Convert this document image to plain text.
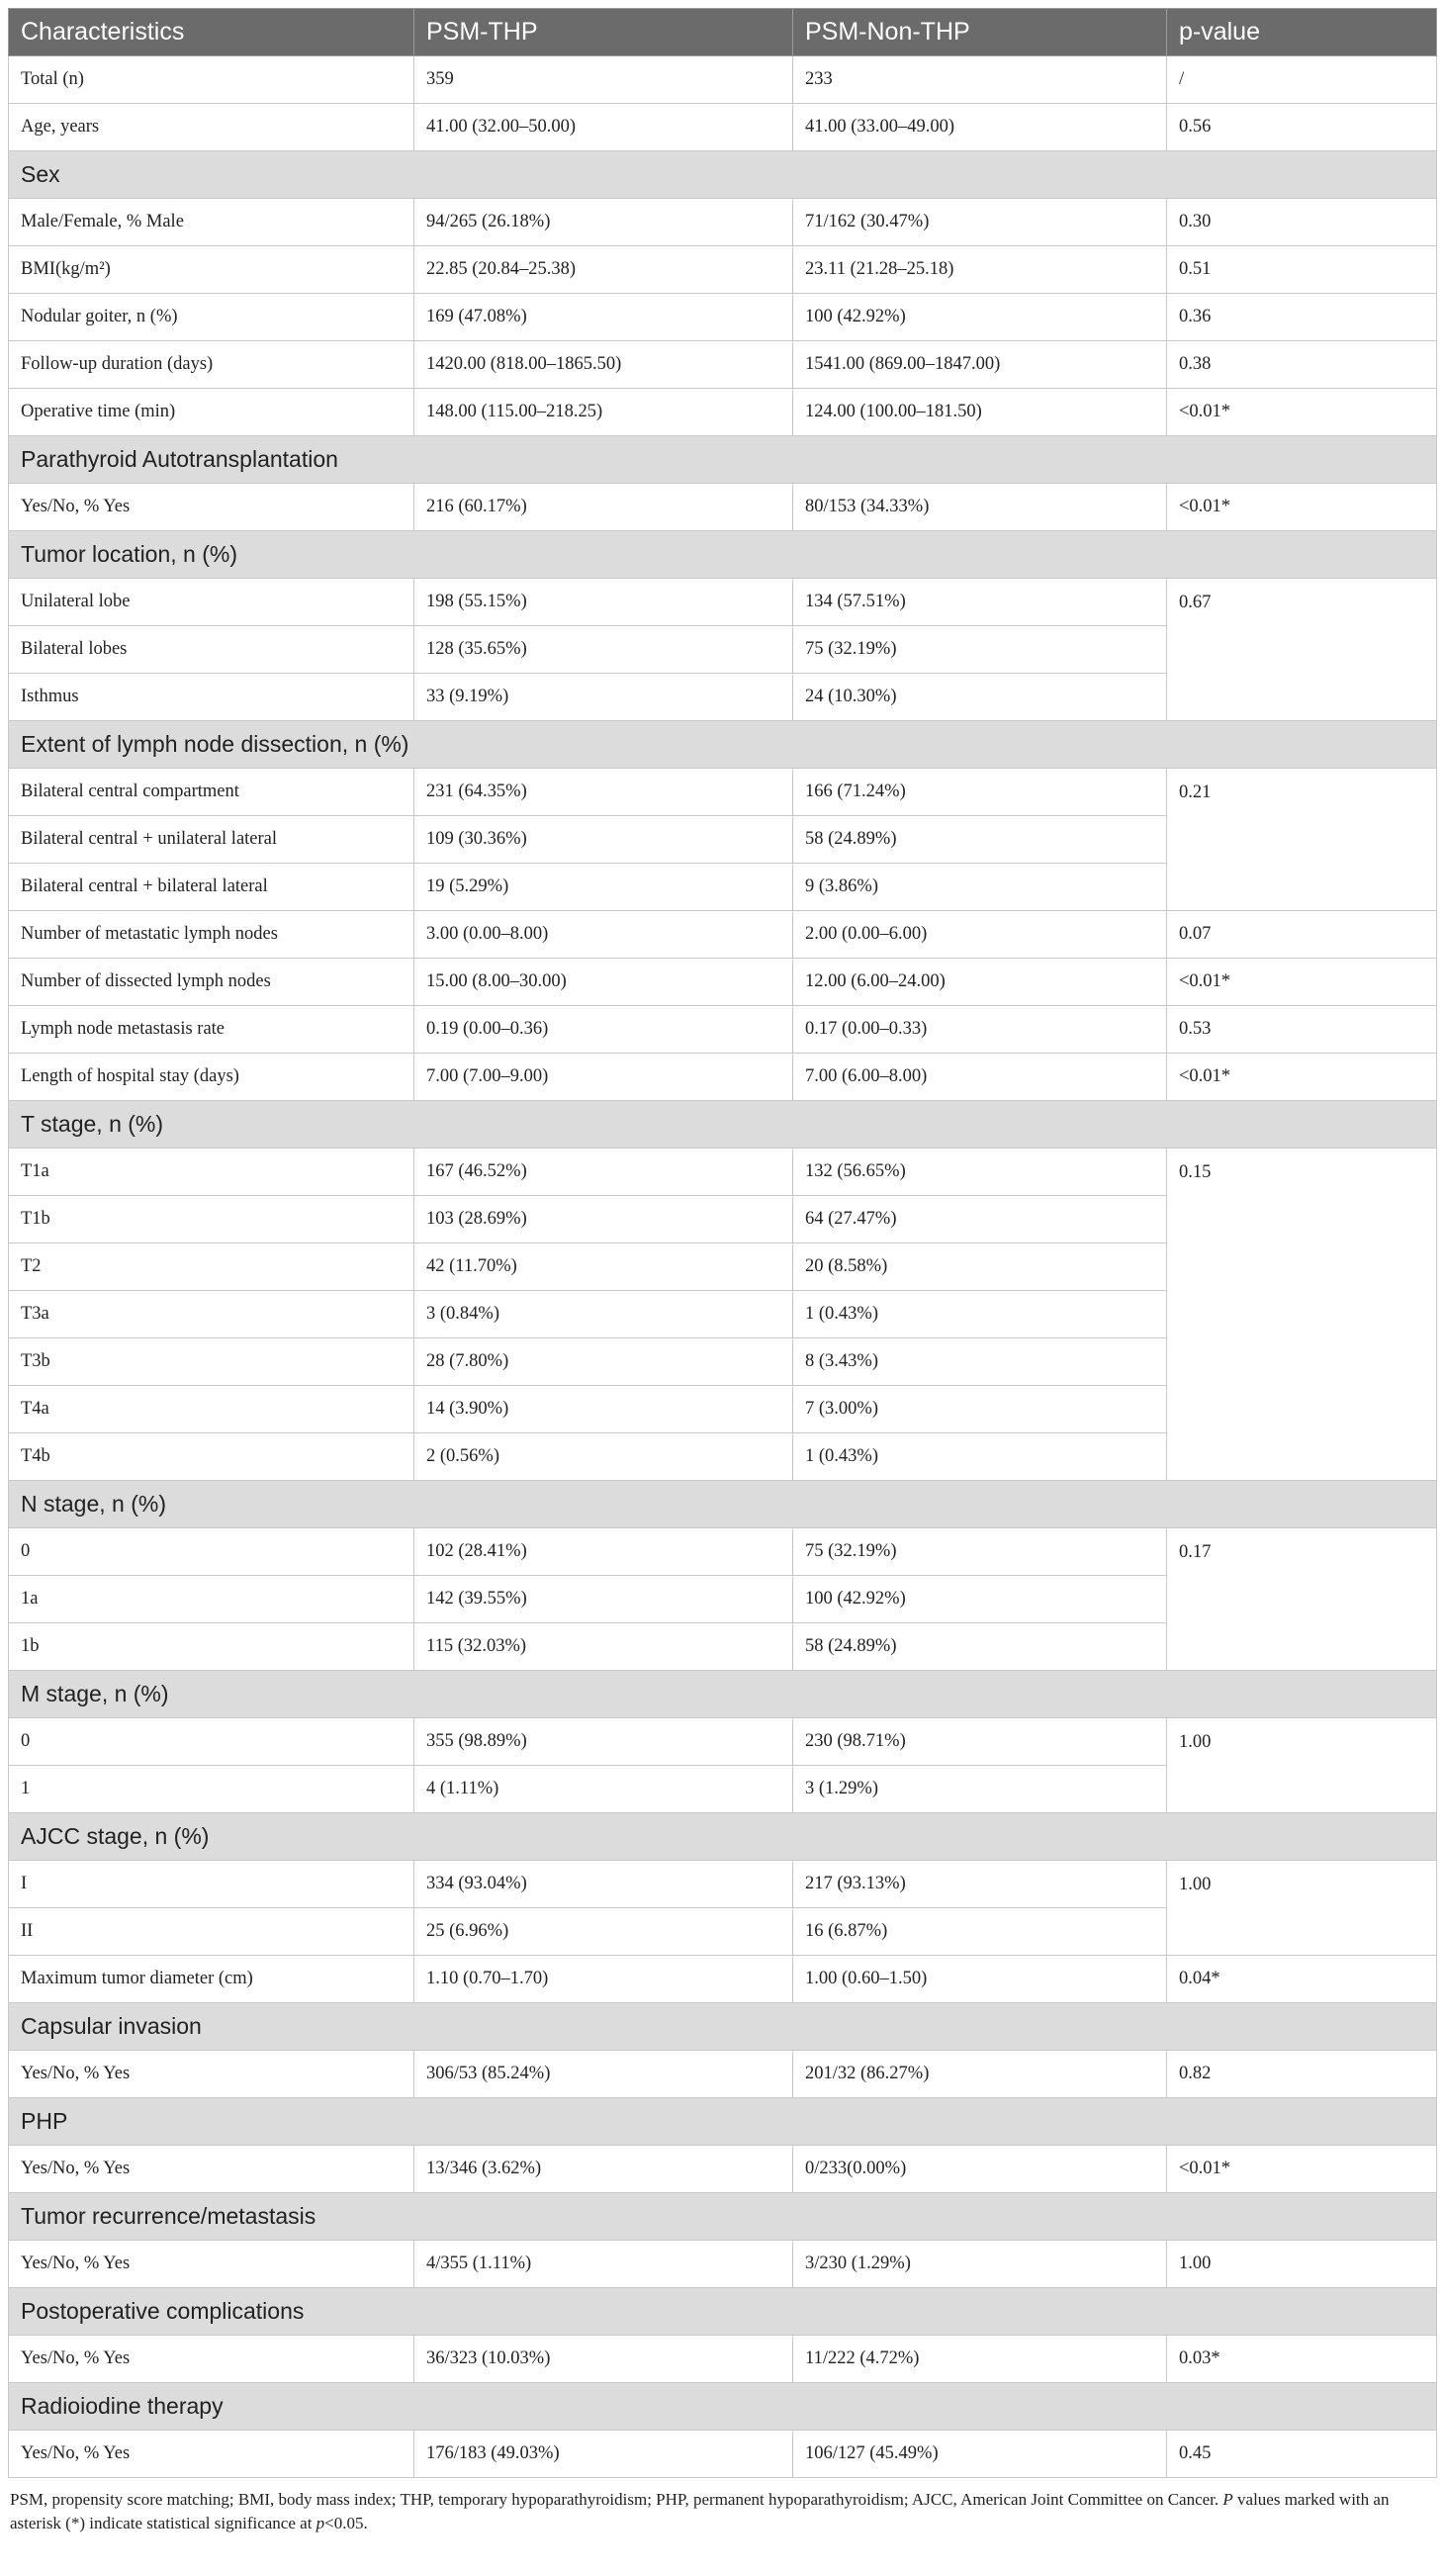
Characteristics	PSM-THP	PSM-Non-THP	p-value
Total (n)	359	233	/
Age, years	41.00 (32.00–50.00)	41.00 (33.00–49.00)	0.56
Sex			
Male/Female, % Male	94/265 (26.18%)	71/162 (30.47%)	0.30
BMI(kg/m²)	22.85 (20.84–25.38)	23.11 (21.28–25.18)	0.51
Nodular goiter, n (%)	169 (47.08%)	100 (42.92%)	0.36
Follow-up duration (days)	1420.00 (818.00–1865.50)	1541.00 (869.00–1847.00)	0.38
Operative time (min)	148.00 (115.00–218.25)	124.00 (100.00–181.50)	<0.01*
Parathyroid Autotransplantation			
Yes/No, % Yes	216 (60.17%)	80/153 (34.33%)	<0.01*
Tumor location, n (%)			
Unilateral lobe	198 (55.15%)	134 (57.51%)	0.67
Bilateral lobes	128 (35.65%)	75 (32.19%)	
Isthmus	33 (9.19%)	24 (10.30%)	
Extent of lymph node dissection, n (%)			
Bilateral central compartment	231 (64.35%)	166 (71.24%)	0.21
Bilateral central + unilateral lateral	109 (30.36%)	58 (24.89%)	
Bilateral central + bilateral lateral	19 (5.29%)	9 (3.86%)	
Number of metastatic lymph nodes	3.00 (0.00–8.00)	2.00 (0.00–6.00)	0.07
Number of dissected lymph nodes	15.00 (8.00–30.00)	12.00 (6.00–24.00)	<0.01*
Lymph node metastasis rate	0.19 (0.00–0.36)	0.17 (0.00–0.33)	0.53
Length of hospital stay (days)	7.00 (7.00–9.00)	7.00 (6.00–8.00)	<0.01*
T stage, n (%)			
T1a	167 (46.52%)	132 (56.65%)	0.15
T1b	103 (28.69%)	64 (27.47%)	
T2	42 (11.70%)	20 (8.58%)	
T3a	3 (0.84%)	1 (0.43%)	
T3b	28 (7.80%)	8 (3.43%)	
T4a	14 (3.90%)	7 (3.00%)	
T4b	2 (0.56%)	1 (0.43%)	
N stage, n (%)			
0	102 (28.41%)	75 (32.19%)	0.17
1a	142 (39.55%)	100 (42.92%)	
1b	115 (32.03%)	58 (24.89%)	
M stage, n (%)			
0	355 (98.89%)	230 (98.71%)	1.00
1	4 (1.11%)	3 (1.29%)	
AJCC stage, n (%)			
I	334 (93.04%)	217 (93.13%)	1.00
II	25 (6.96%)	16 (6.87%)	
Maximum tumor diameter (cm)	1.10 (0.70–1.70)	1.00 (0.60–1.50)	0.04*
Capsular invasion			
Yes/No, % Yes	306/53 (85.24%)	201/32 (86.27%)	0.82
PHP			
Yes/No, % Yes	13/346 (3.62%)	0/233(0.00%)	<0.01*
Tumor recurrence/metastasis			
Yes/No, % Yes	4/355 (1.11%)	3/230 (1.29%)	1.00
Postoperative complications			
Yes/No, % Yes	36/323 (10.03%)	11/222 (4.72%)	0.03*
Radioiodine therapy			
Yes/No, % Yes	176/183 (49.03%)	106/127 (45.49%)	0.45
PSM, propensity score matching; BMI, body mass index; THP, temporary hypoparathyroidism; PHP, permanent hypoparathyroidism; AJCC, American Joint Committee on Cancer. P values marked with an asterisk (*) indicate statistical significance at p<0.05.
